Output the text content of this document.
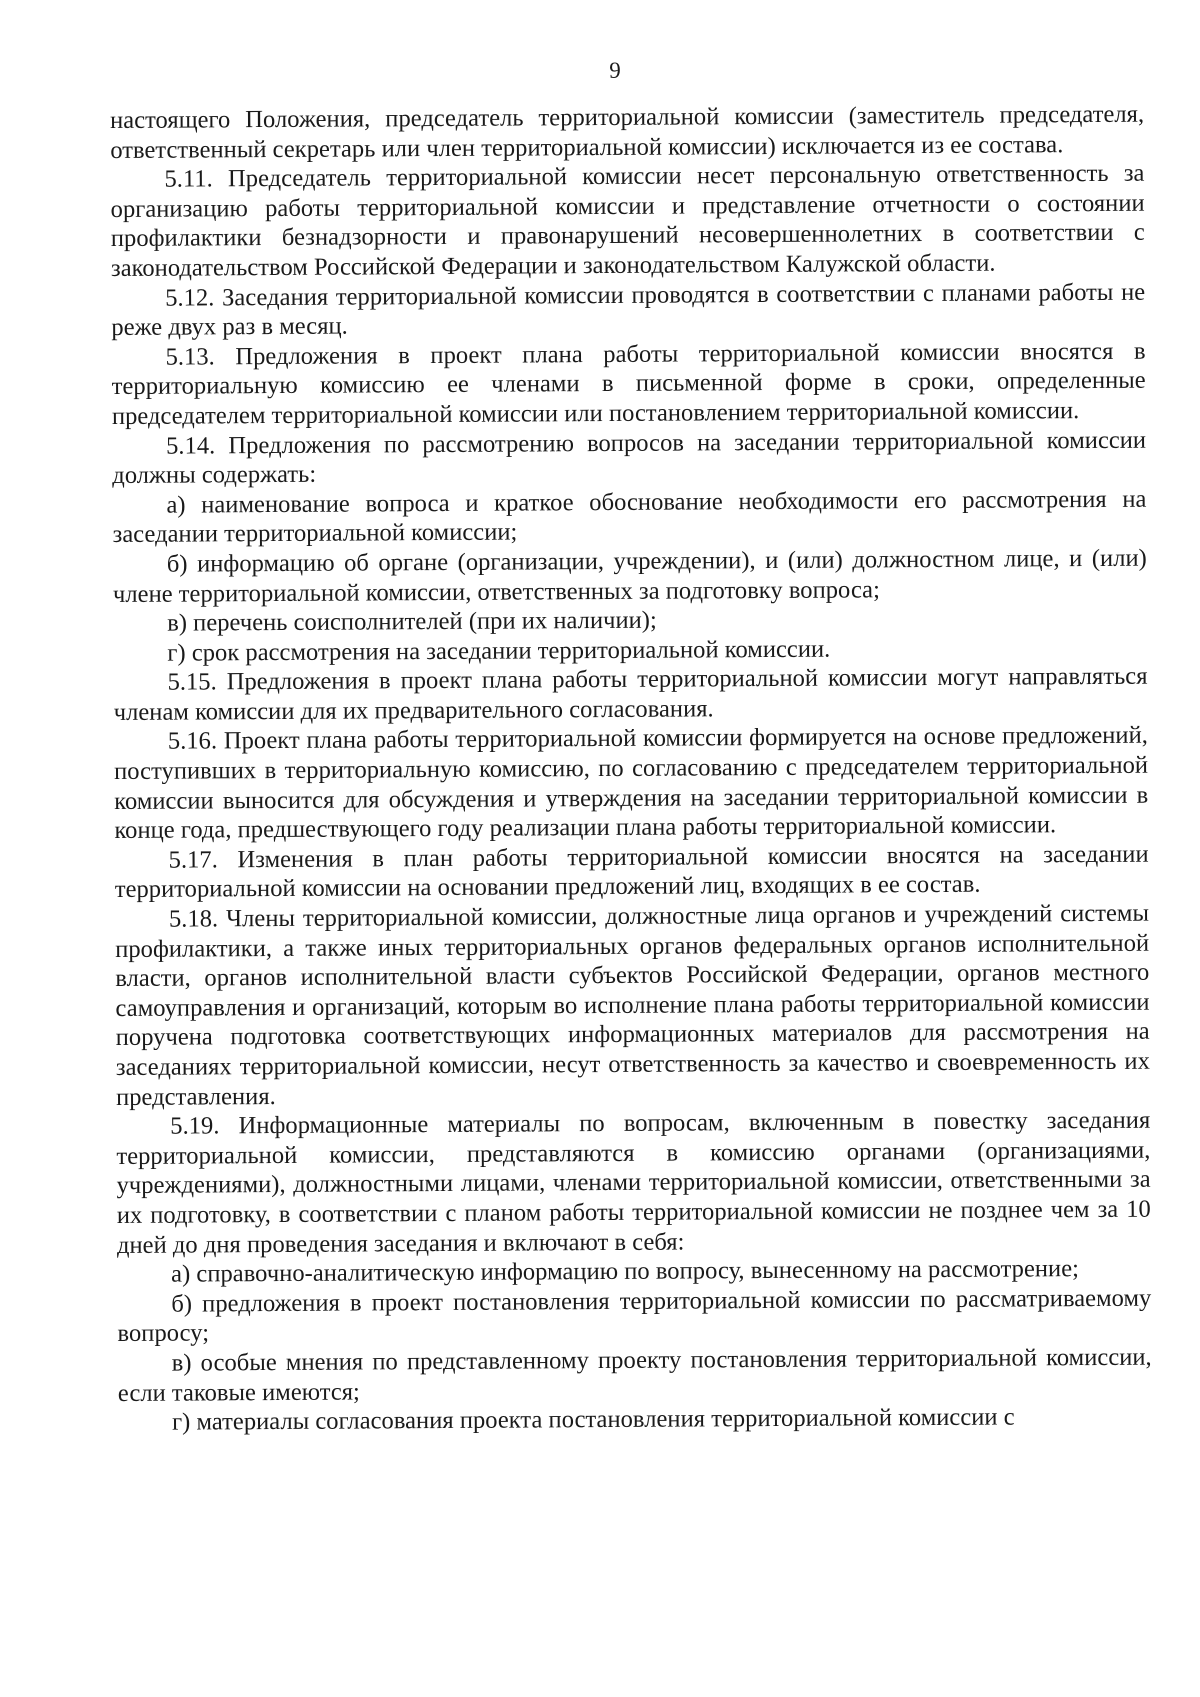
9

настоящего Положения, председатель территориальной комиссии (заместитель председателя, ответственный секретарь или член территориальной комиссии) исключается из ее состава.

5.11. Председатель территориальной комиссии несет персональную ответственность за организацию работы территориальной комиссии и представление отчетности о состоянии профилактики безнадзорности и правонарушений несовершеннолетних в соответствии с законодательством Российской Федерации и законодательством Калужской области.

5.12. Заседания территориальной комиссии проводятся в соответствии с планами работы не реже двух раз в месяц.

5.13. Предложения в проект плана работы территориальной комиссии вносятся в территориальную комиссию ее членами в письменной форме в сроки, определенные председателем территориальной комиссии или постановлением территориальной комиссии.

5.14. Предложения по рассмотрению вопросов на заседании территориальной комиссии должны содержать:

а) наименование вопроса и краткое обоснование необходимости его рассмотрения на заседании территориальной комиссии;

б) информацию об органе (организации, учреждении), и (или) должностном лице, и (или) члене территориальной комиссии, ответственных за подготовку вопроса;

в) перечень соисполнителей (при их наличии);

г) срок рассмотрения на заседании территориальной комиссии.

5.15. Предложения в проект плана работы территориальной комиссии могут направляться членам комиссии для их предварительного согласования.

5.16. Проект плана работы территориальной комиссии формируется на основе предложений, поступивших в территориальную комиссию, по согласованию с председателем территориальной комиссии выносится для обсуждения и утверждения на заседании территориальной комиссии в конце года, предшествующего году реализации плана работы территориальной комиссии.

5.17. Изменения в план работы территориальной комиссии вносятся на заседании территориальной комиссии на основании предложений лиц, входящих в ее состав.

5.18. Члены территориальной комиссии, должностные лица органов и учреждений системы профилактики, а также иных территориальных органов федеральных органов исполнительной власти, органов исполнительной власти субъектов Российской Федерации, органов местного самоуправления и организаций, которым во исполнение плана работы территориальной комиссии поручена подготовка соответствующих информационных материалов для рассмотрения на заседаниях территориальной комиссии, несут ответственность за качество и своевременность их представления.

5.19. Информационные материалы по вопросам, включенным в повестку заседания территориальной комиссии, представляются в комиссию органами (организациями, учреждениями), должностными лицами, членами территориальной комиссии, ответственными за их подготовку, в соответствии с планом работы территориальной комиссии не позднее чем за 10 дней до дня проведения заседания и включают в себя:

а) справочно-аналитическую информацию по вопросу, вынесенному на рассмотрение;

б) предложения в проект постановления территориальной комиссии по рассматриваемому вопросу;

в) особые мнения по представленному проекту постановления территориальной комиссии, если таковые имеются;

г) материалы согласования проекта постановления территориальной комиссии с
